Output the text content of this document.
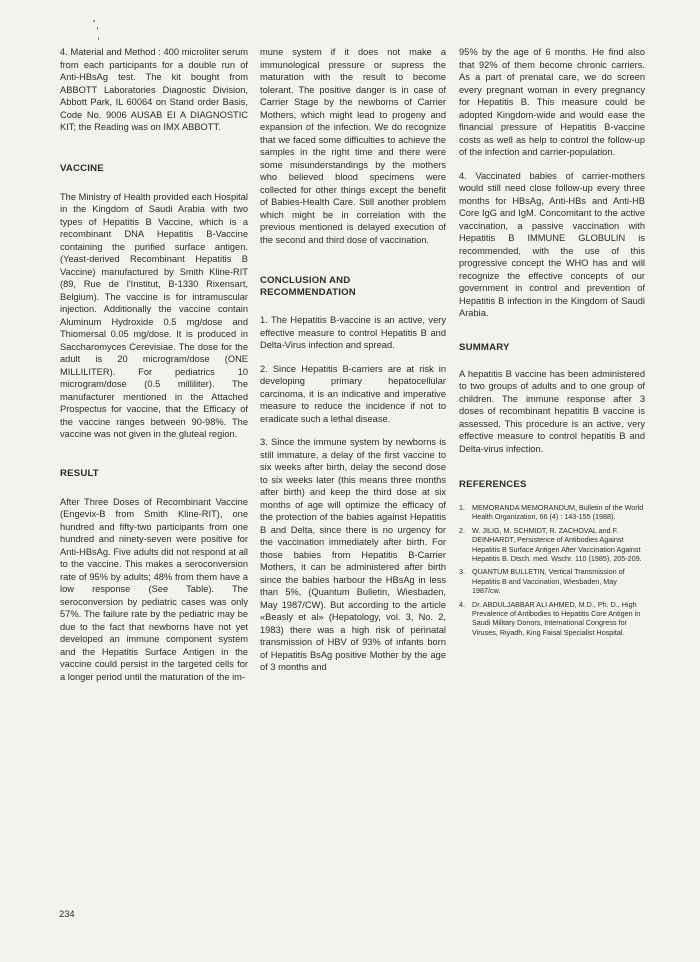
4. Material and Method : 400 microliter serum from each participants for a double run of Anti-HBsAg test. The kit bought from ABBOTT Laboratories Diagnostic Division, Abbott Park, IL 60064 on Stand order Basis, Code No. 9006 AUSAB EI A DIAGNOSTIC KIT; the Reading was on IMX ABBOTT.

VACCINE

The Ministry of Health provided each Hospital in the Kingdom of Saudi Arabia with two types of Hepatitis B Vaccine, which is a recombinant DNA Hepatitis B-Vaccine containing the purified surface antigen. (Yeast-derived Recombinant Hepatitis B Vaccine) manufactured by Smith Kline-RIT (89, Rue de l'Institut, B-1330 Rixensart, Belgium). The vaccine is for intramuscular injection. Additionally the vaccine contain Aluminum Hydroxide 0.5 mg/dose and Thiomersal 0.05 mg/dose. It is produced in Saccharomyces Cerevisiae. The dose for the adult is 20 microgram/dose (ONE MILLILITER). For pediatrics 10 microgram/dose (0.5 milliliter). The manufacturer mentioned in the Attached Prospectus for vaccine, that the Efficacy of the vaccine ranges between 90-98%. The vaccine was not given in the gluteal region.

RESULT

After Three Doses of Recombinant Vaccine (Engevix-B from Smith Kline-RIT), one hundred and fifty-two participants from one hundred and ninety-seven were positive for Anti-HBsAg. Five adults did not respond at all to the vaccine. This makes a seroconversion rate of 95% by adults; 48% from them have a low response (See Table). The seroconversion by pediatric cases was only 57%. The failure rate by the pediatric may be due to the fact that newborns have not yet developed an immune component system and the Hepatitis Surface Antigen in the vaccine could persist in the targeted cells for a longer period until the maturation of the im-

mune system if it does not make a immunological pressure or supress the maturation with the result to become tolerant. The positive danger is in case of Carrier Stage by the newborns of Carrier Mothers, which might lead to progeny and expansion of the infection. We do recognize that we faced some difficulties to achieve the samples in the right time and there were some misunderstandings by the mothers who believed blood specimens were collected for other things except the benefit of Babies-Health Care. Still another problem which might be in correlation with the previous mentioned is delayed execution of the second and third dose of vaccination.

CONCLUSION AND
RECOMMENDATION

1. The Hepatitis B-vaccine is an active, very effective measure to control Hepatitis B and Delta-Virus infection and spread.

2. Since Hepatitis B-carriers are at risk in developing primary hepatocellular carcinoma, it is an indicative and imperative measure to reduce the incidence if not to eradicate such a lethal disease.

3. Since the immune system by newborns is still immature, a delay of the first vaccine to six weeks after birth, delay the second dose to six weeks later (this means three months after birth) and keep the third dose at six months of age will optimize the efficacy of the protection of the babies against Hepatitis B and Delta, since there is no urgency for the vaccination immediately after birth. For those babies from Hepatitis B-Carrier Mothers, it can be administered after birth since the babies harbour the HBsAg in less than 5%, (Quantum Bulletin, Wiesbaden, May 1987/CW). But according to the article «Beasly et al» (Hepatology, vol. 3, No. 2, 1983) there was a high risk of perinatal transmission of HBV of 93% of infants born of Hepatitis BsAg positive Mother by the age of 3 months and

95% by the age of 6 months. He find also that 92% of them become chronic carriers. As a part of prenatal care, we do screen every pregnant woman in every pregnancy for Hepatitis B. This measure could be adopted Kingdom-wide and would ease the financial pressure of Hepatitis B-vaccine costs as well as help to control the follow-up of the infection and carrier-population.

4. Vaccinated babies of carrier-mothers would still need close follow-up every three months for HBsAg, Anti-HBs and Anti-HB Core IgG and IgM. Concomitant to the active vaccination, a passive vaccination with Hepatitis B IMMUNE GLOBULIN is recommended, with the use of this progressive concept the WHO has and will recognize the effective concepts of our government in control and prevention of Hepatitis B infection in the Kingdom of Saudi Arabia.

SUMMARY

A hepatitis B vaccine has been administered to two groups of adults and to one group of children. The immune response after 3 doses of recombinant hepatitis B vaccine is assessed. This procedure is an active, very effective measure to control hepatitis B and Delta-virus infection.

REFERENCES
1. MEMORANDA MEMORANDUM, Bulletin of the World Health Organization, 66 (4) : 143-155 (1988).
2. W. JILIG, M. SCHMIDT, R. ZACHOVAL and F. DEINHARDT, Persistence of Antibodies Against Hepatitis B Surface Antigen After Vaccination Against Hepatitis B. Dtsch. med. Wschr. 110 (1985), 205-209.
3. QUANTUM BULLETIN, Vertical Transmission of Hepatitis B and Vaccination, Wiesbaden, May 1987/cw.
4. Dr. ABDULJABBAR ALI AHMED, M.D., Ph. D., High Prevalence of Antibodies to Hepatitis Core Antigen in Saudi Military Donors, International Congress for Viruses, Riyadh, King Faisal Specialist Hospital.
234
